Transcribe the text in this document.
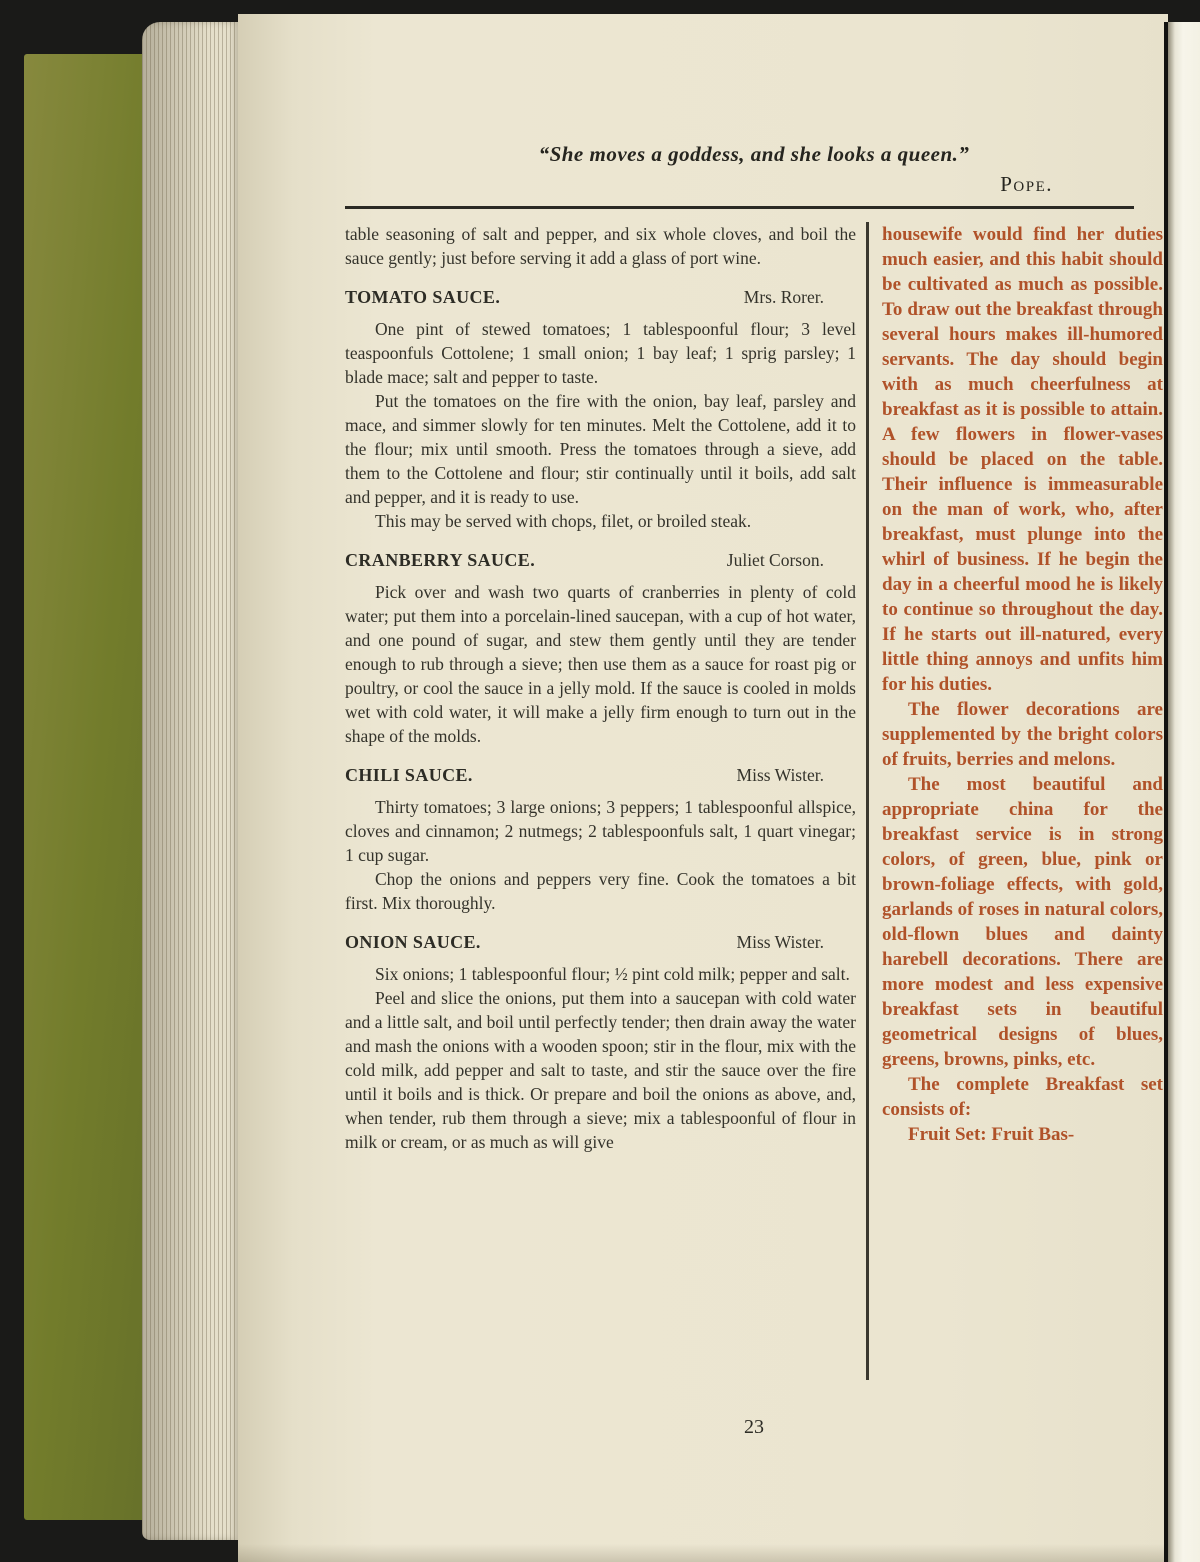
“She moves a goddess, and she looks a queen.”
Pope.

table seasoning of salt and pepper, and six whole cloves, and boil the sauce gently; just before serving it add a glass of port wine.

TOMATO SAUCE.	Mrs. Rorer.

One pint of stewed tomatoes; 1 tablespoonful flour; 3 level teaspoonfuls Cottolene; 1 small onion; 1 bay leaf; 1 sprig parsley; 1 blade mace; salt and pepper to taste.

Put the tomatoes on the fire with the onion, bay leaf, parsley and mace, and simmer slowly for ten minutes. Melt the Cottolene, add it to the flour; mix until smooth. Press the tomatoes through a sieve, add them to the Cottolene and flour; stir continually until it boils, add salt and pepper, and it is ready to use.

This may be served with chops, filet, or broiled steak.

CRANBERRY SAUCE.	Juliet Corson.

Pick over and wash two quarts of cranberries in plenty of cold water; put them into a porcelain-lined saucepan, with a cup of hot water, and one pound of sugar, and stew them gently until they are tender enough to rub through a sieve; then use them as a sauce for roast pig or poultry, or cool the sauce in a jelly mold. If the sauce is cooled in molds wet with cold water, it will make a jelly firm enough to turn out in the shape of the molds.

CHILI SAUCE.	Miss Wister.

Thirty tomatoes; 3 large onions; 3 peppers; 1 tablespoonful allspice, cloves and cinnamon; 2 nutmegs; 2 tablespoonfuls salt, 1 quart vinegar; 1 cup sugar.

Chop the onions and peppers very fine. Cook the tomatoes a bit first. Mix thoroughly.

ONION SAUCE.	Miss Wister.

Six onions; 1 tablespoonful flour; ½ pint cold milk; pepper and salt.

Peel and slice the onions, put them into a saucepan with cold water and a little salt, and boil until perfectly tender; then drain away the water and mash the onions with a wooden spoon; stir in the flour, mix with the cold milk, add pepper and salt to taste, and stir the sauce over the fire until it boils and is thick. Or prepare and boil the onions as above, and, when tender, rub them through a sieve; mix a tablespoonful of flour in milk or cream, or as much as will give

housewife would find her duties much easier, and this habit should be cultivated as much as possible. To draw out the breakfast through several hours makes ill-humored servants. The day should begin with as much cheerfulness at breakfast as it is possible to attain. A few flowers in flower-vases should be placed on the table. Their influence is immeasurable on the man of work, who, after breakfast, must plunge into the whirl of business. If he begin the day in a cheerful mood he is likely to continue so throughout the day. If he starts out ill-natured, every little thing annoys and unfits him for his duties.

The flower decorations are supplemented by the bright colors of fruits, berries and melons.

The most beautiful and appropriate china for the breakfast service is in strong colors, of green, blue, pink or brown-foliage effects, with gold, garlands of roses in natural colors, old-flown blues and dainty harebell decorations. There are more modest and less expensive breakfast sets in beautiful geometrical designs of blues, greens, browns, pinks, etc.

The complete Breakfast set consists of:

Fruit Set: Fruit Bas-

23
